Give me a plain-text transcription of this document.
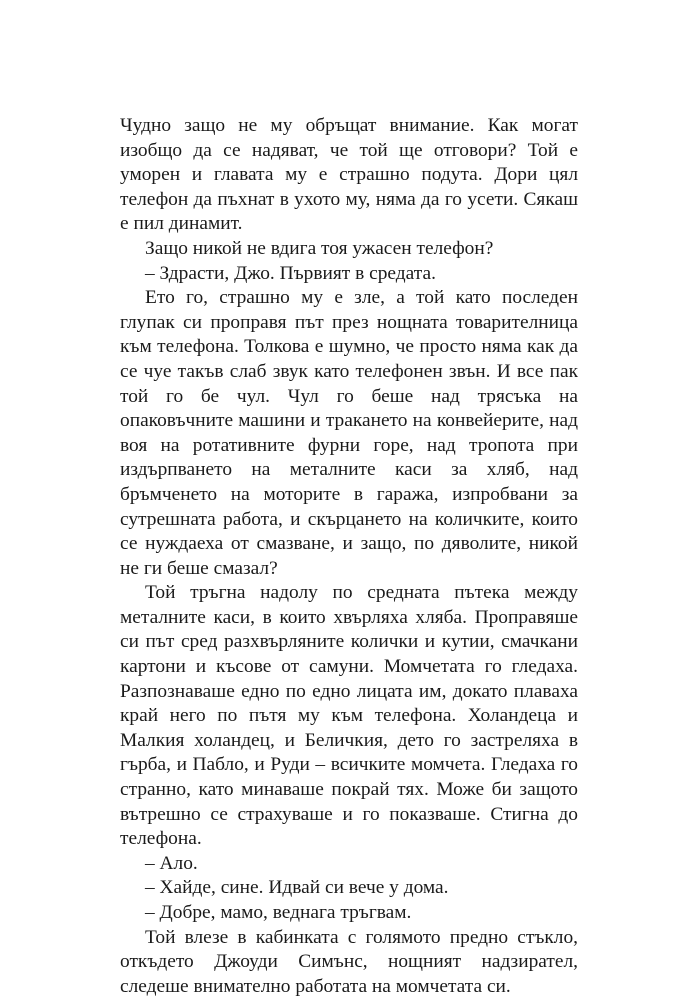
Чудно защо не му обръщат внимание. Как могат изобщо да се надяват, че той ще отговори? Той е уморен и главата му е страшно подута. Дори цял телефон да пъхнат в ухото му, няма да го усети. Сякаш е пил динамит.

Защо никой не вдига тоя ужасен телефон?

– Здрасти, Джо. Първият в средата.

Ето го, страшно му е зле, а той като последен глупак си проправя път през нощната товарителница към телефона. Толкова е шумно, че просто няма как да се чуе такъв слаб звук като телефонен звън. И все пак той го бе чул. Чул го беше над трясъка на опаковъчните машини и тракането на конвейерите, над воя на ротативните фурни горе, над тропота при издърпването на металните каси за хляб, над бръмченето на моторите в гаража, изпробвани за сутрешната работа, и скърцането на количките, които се нуждаеха от смазване, и защо, по дяволите, никой не ги беше смазал?

Той тръгна надолу по средната пътека между металните каси, в които хвърляха хляба. Проправяше си път сред разхвърляните колички и кутии, смачкани картони и късове от самуни. Момчетата го гледаха. Разпознаваше едно по едно лицата им, докато плаваха край него по пътя му към телефона. Холандеца и Малкия холандец, и Беличкия, дето го застреляха в гърба, и Пабло, и Руди – всичките момчета. Гледаха го странно, като минаваше покрай тях. Може би защото вътрешно се страхуваше и го показваше. Стигна до телефона.

– Ало.

– Хайде, сине. Идвай си вече у дома.

– Добре, мамо, веднага тръгвам.

Той влезе в кабинката с голямото предно стъкло, откъдето Джоуди Симънс, нощният надзирател, следеше внимателно работата на момчетата си.
